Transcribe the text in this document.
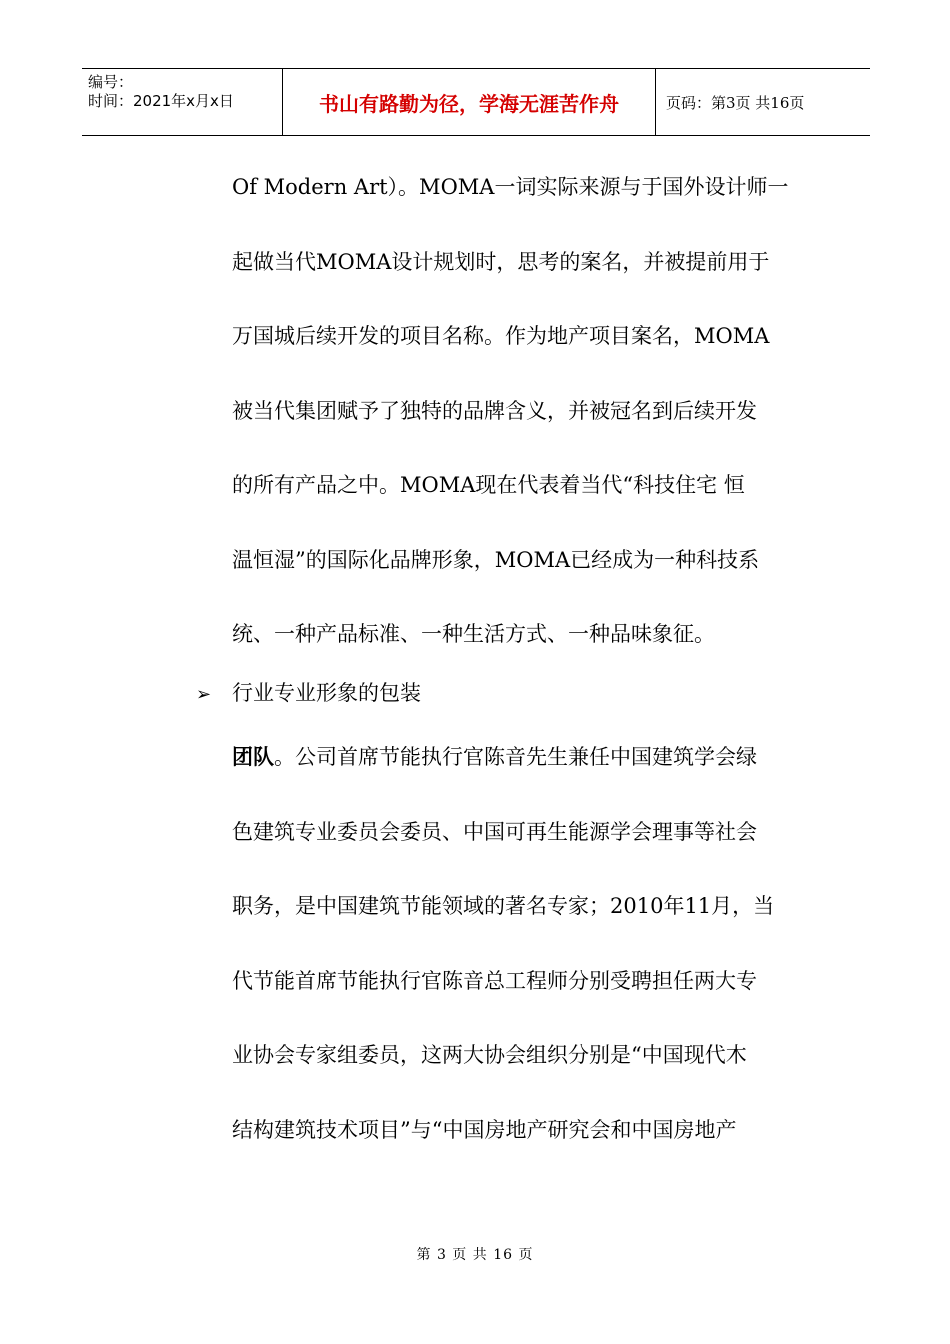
编号：
时间：2021年x月x日	书山有路勤为径，学海无涯苦作舟	页码：第3页 共16页
Of Modern Art）。MOMA一词实际来源与于国外设计师一
起做当代MOMA设计规划时，思考的案名，并被提前用于
万国城后续开发的项目名称。作为地产项目案名，MOMA
被当代集团赋予了独特的品牌含义，并被冠名到后续开发
的所有产品之中。MOMA现在代表着当代“科技住宅 恒
温恒湿”的国际化品牌形象，MOMA已经成为一种科技系
统、一种产品标准、一种生活方式、一种品味象征。
➢ 行业专业形象的包装
团队。公司首席节能执行官陈音先生兼任中国建筑学会绿
色建筑专业委员会委员、中国可再生能源学会理事等社会
职务，是中国建筑节能领域的著名专家；2010年11月，当
代节能首席节能执行官陈音总工程师分别受聘担任两大专
业协会专家组委员，这两大协会组织分别是“中国现代木
结构建筑技术项目”与“中国房地产研究会和中国房地产
第 3 页 共 16 页
